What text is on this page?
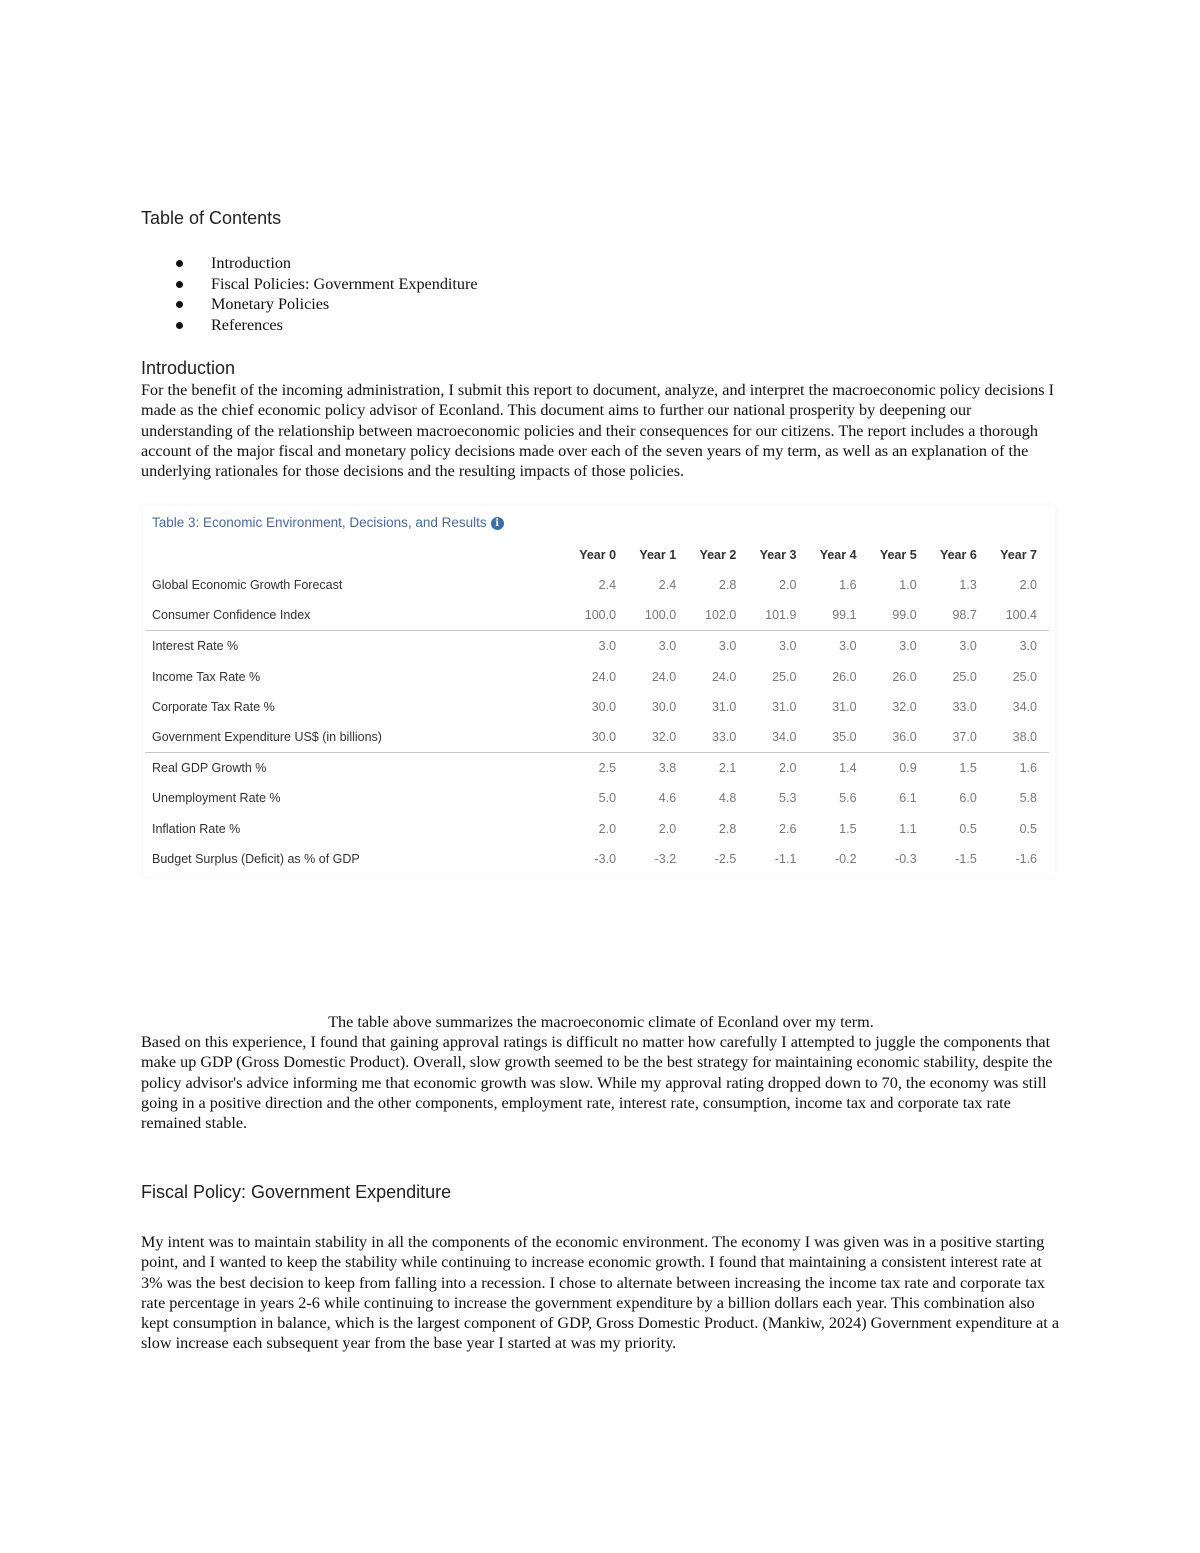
Table of Contents
Introduction
Fiscal Policies: Government Expenditure
Monetary Policies
References
Introduction

For the benefit of the incoming administration, I submit this report to document, analyze, and interpret the macroeconomic policy decisions I made as the chief economic policy advisor of Econland. This document aims to further our national prosperity by deepening our understanding of the relationship between macroeconomic policies and their consequences for our citizens. The report includes a thorough account of the major fiscal and monetary policy decisions made over each of the seven years of my term, as well as an explanation of the underlying rationales for those decisions and the resulting impacts of those policies.

Table 3: Economic Environment, Decisions, and Results i
	Year 0	Year 1	Year 2	Year 3	Year 4	Year 5	Year 6	Year 7
Global Economic Growth Forecast	2.4	2.4	2.8	2.0	1.6	1.0	1.3	2.0
Consumer Confidence Index	100.0	100.0	102.0	101.9	99.1	99.0	98.7	100.4
Interest Rate %	3.0	3.0	3.0	3.0	3.0	3.0	3.0	3.0
Income Tax Rate %	24.0	24.0	24.0	25.0	26.0	26.0	25.0	25.0
Corporate Tax Rate %	30.0	30.0	31.0	31.0	31.0	32.0	33.0	34.0
Government Expenditure US$ (in billions)	30.0	32.0	33.0	34.0	35.0	36.0	37.0	38.0
Real GDP Growth %	2.5	3.8	2.1	2.0	1.4	0.9	1.5	1.6
Unemployment Rate %	5.0	4.6	4.8	5.3	5.6	6.1	6.0	5.8
Inflation Rate %	2.0	2.0	2.8	2.6	1.5	1.1	0.5	0.5
Budget Surplus (Deficit) as % of GDP	-3.0	-3.2	-2.5	-1.1	-0.2	-0.3	-1.5	-1.6

The table above summarizes the macroeconomic climate of Econland over my term.

Based on this experience, I found that gaining approval ratings is difficult no matter how carefully I attempted to juggle the components that make up GDP (Gross Domestic Product). Overall, slow growth seemed to be the best strategy for maintaining economic stability, despite the policy advisor's advice informing me that economic growth was slow. While my approval rating dropped down to 70, the economy was still going in a positive direction and the other components, employment rate, interest rate, consumption, income tax and corporate tax rate remained stable.

Fiscal Policy: Government Expenditure

My intent was to maintain stability in all the components of the economic environment. The economy I was given was in a positive starting point, and I wanted to keep the stability while continuing to increase economic growth. I found that maintaining a consistent interest rate at 3% was the best decision to keep from falling into a recession. I chose to alternate between increasing the income tax rate and corporate tax rate percentage in years 2-6 while continuing to increase the government expenditure by a billion dollars each year. This combination also kept consumption in balance, which is the largest component of GDP, Gross Domestic Product. (Mankiw, 2024) Government expenditure at a slow increase each subsequent year from the base year I started at was my priority.
